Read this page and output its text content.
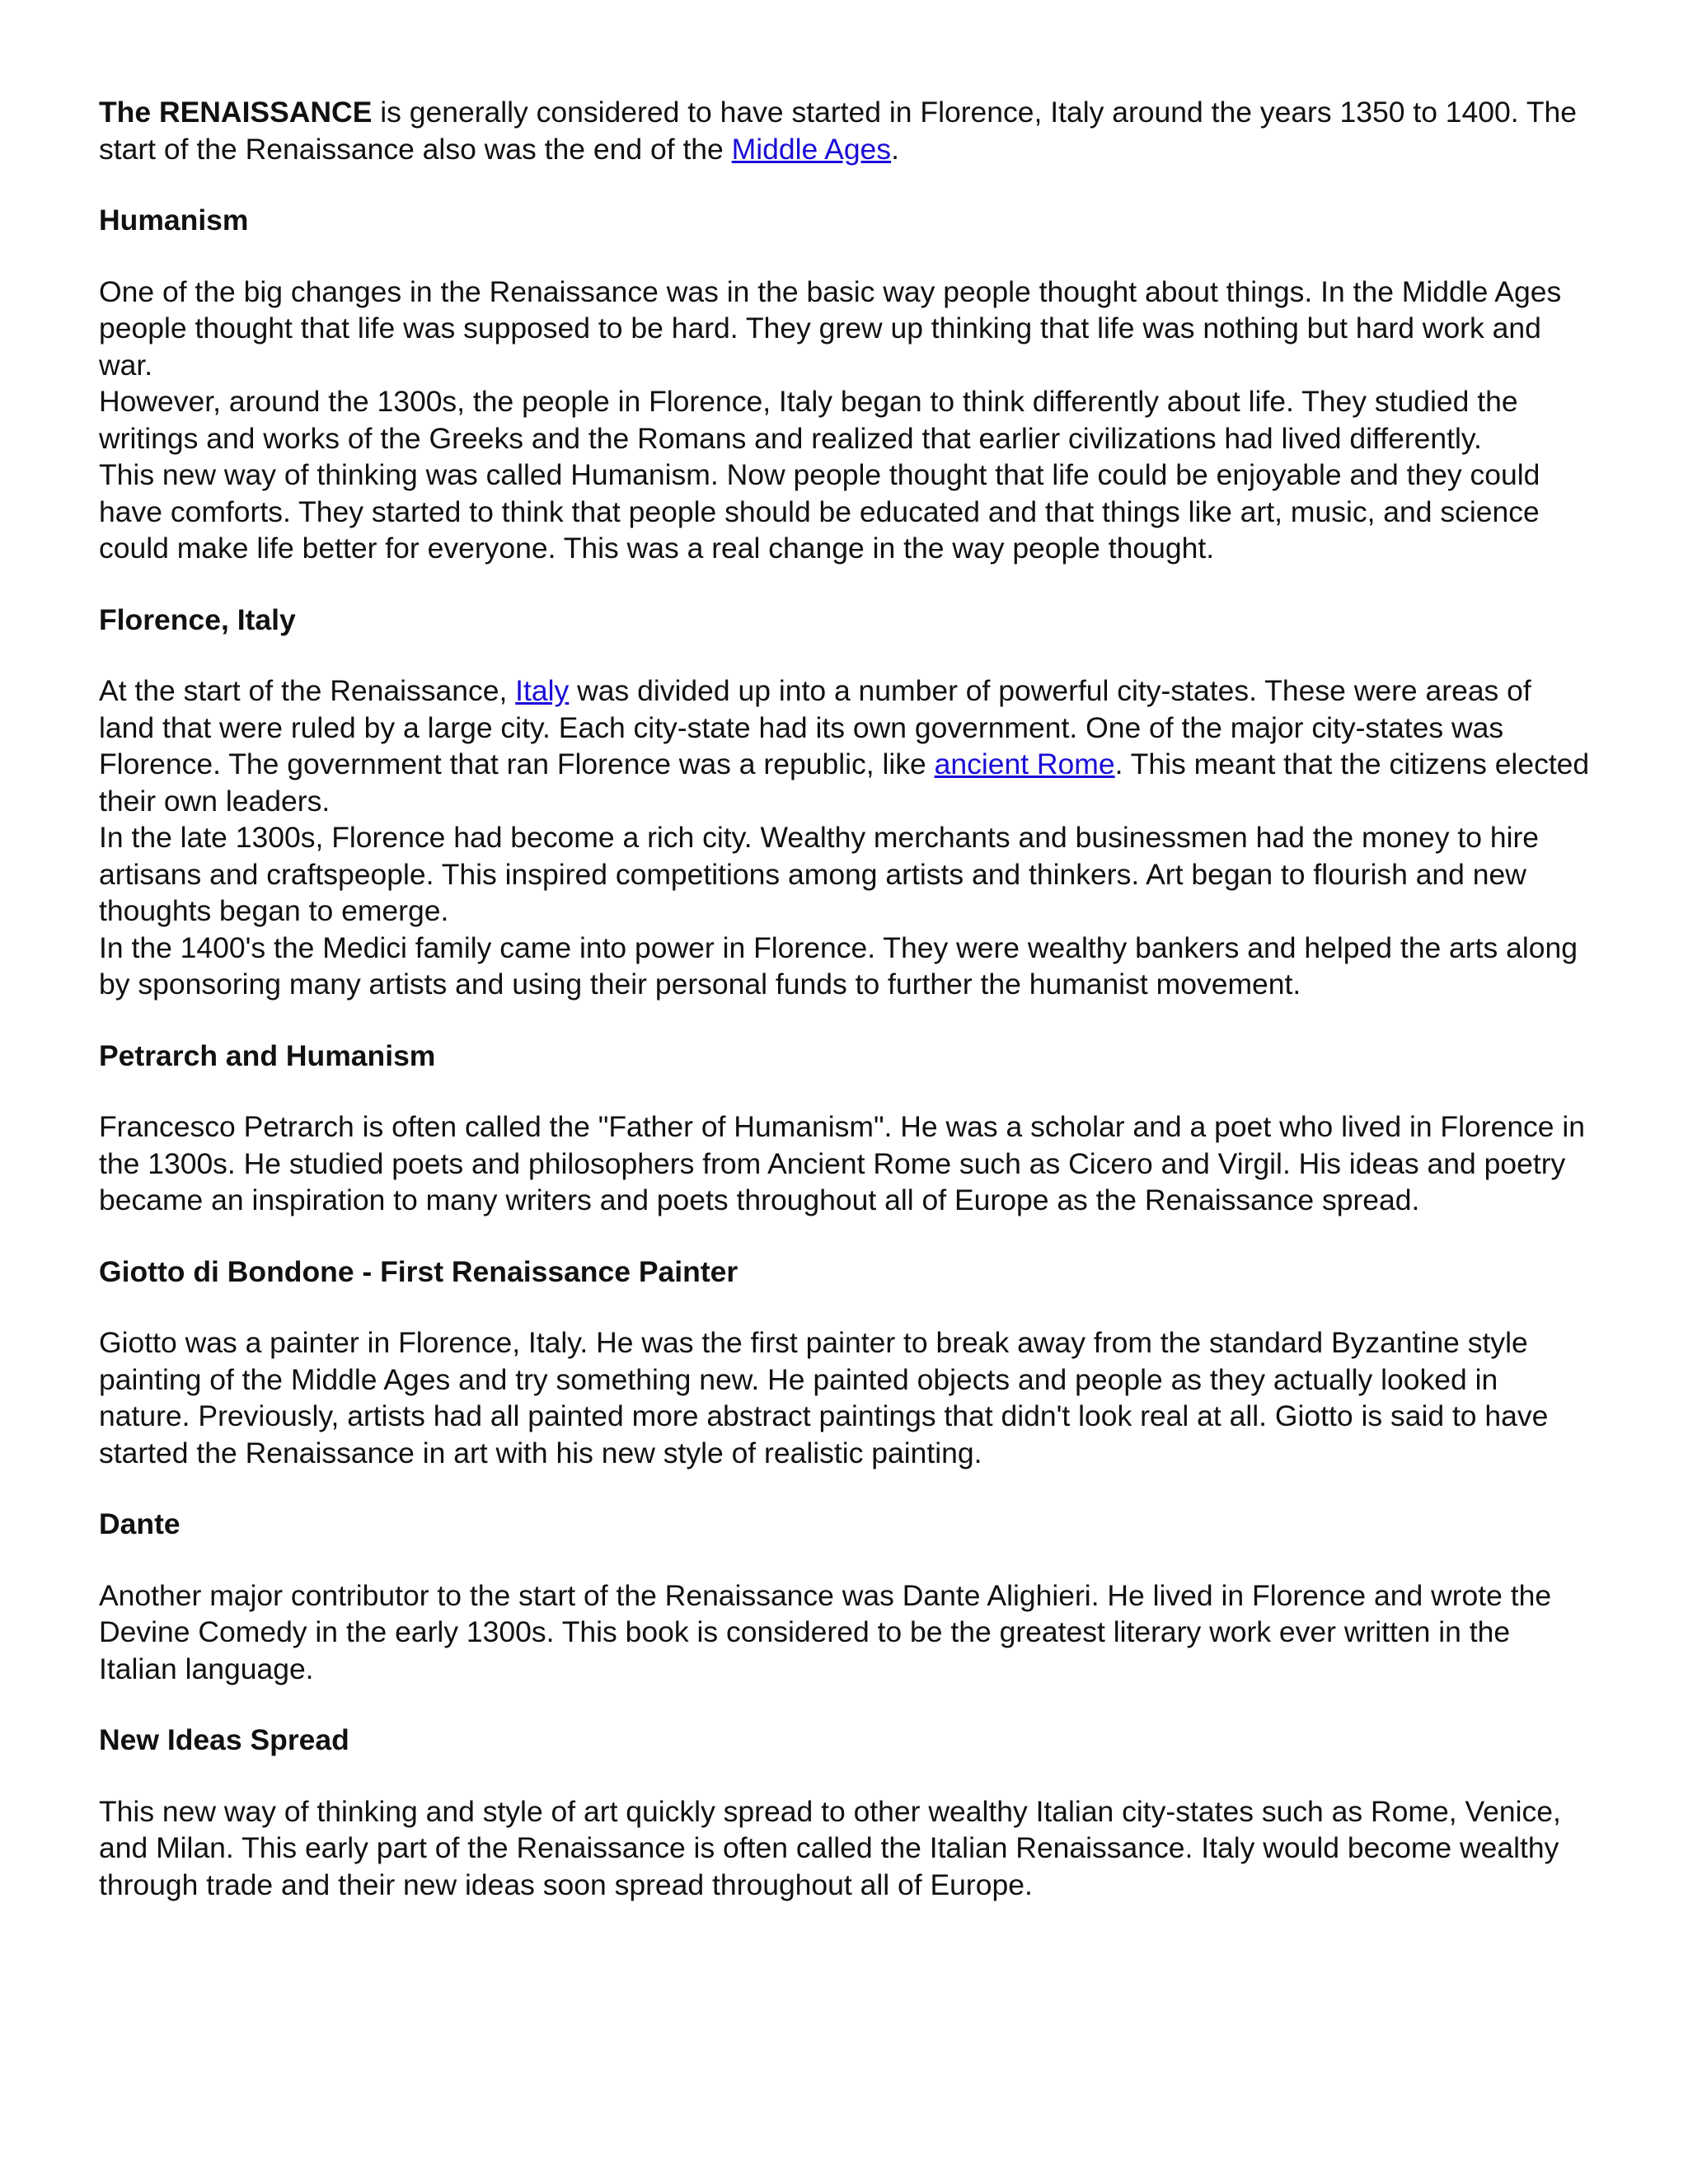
The RENAISSANCE is generally considered to have started in Florence, Italy around the years 1350 to 1400. The start of the Renaissance also was the end of the Middle Ages.

Humanism

One of the big changes in the Renaissance was in the basic way people thought about things. In the Middle Ages people thought that life was supposed to be hard. They grew up thinking that life was nothing but hard work and war.

However, around the 1300s, the people in Florence, Italy began to think differently about life. They studied the writings and works of the Greeks and the Romans and realized that earlier civilizations had lived differently.

This new way of thinking was called Humanism. Now people thought that life could be enjoyable and they could have comforts. They started to think that people should be educated and that things like art, music, and science could make life better for everyone. This was a real change in the way people thought.

Florence, Italy

At the start of the Renaissance, Italy was divided up into a number of powerful city-states. These were areas of land that were ruled by a large city. Each city-state had its own government. One of the major city-states was Florence. The government that ran Florence was a republic, like ancient Rome. This meant that the citizens elected their own leaders.

In the late 1300s, Florence had become a rich city. Wealthy merchants and businessmen had the money to hire artisans and craftspeople. This inspired competitions among artists and thinkers. Art began to flourish and new thoughts began to emerge.

In the 1400's the Medici family came into power in Florence. They were wealthy bankers and helped the arts along by sponsoring many artists and using their personal funds to further the humanist movement.

Petrarch and Humanism

Francesco Petrarch is often called the "Father of Humanism". He was a scholar and a poet who lived in Florence in the 1300s. He studied poets and philosophers from Ancient Rome such as Cicero and Virgil. His ideas and poetry became an inspiration to many writers and poets throughout all of Europe as the Renaissance spread.

Giotto di Bondone - First Renaissance Painter

Giotto was a painter in Florence, Italy. He was the first painter to break away from the standard Byzantine style painting of the Middle Ages and try something new. He painted objects and people as they actually looked in nature. Previously, artists had all painted more abstract paintings that didn't look real at all. Giotto is said to have started the Renaissance in art with his new style of realistic painting.

Dante

Another major contributor to the start of the Renaissance was Dante Alighieri. He lived in Florence and wrote the Devine Comedy in the early 1300s. This book is considered to be the greatest literary work ever written in the Italian language.

New Ideas Spread

This new way of thinking and style of art quickly spread to other wealthy Italian city-states such as Rome, Venice, and Milan. This early part of the Renaissance is often called the Italian Renaissance. Italy would become wealthy through trade and their new ideas soon spread throughout all of Europe.
